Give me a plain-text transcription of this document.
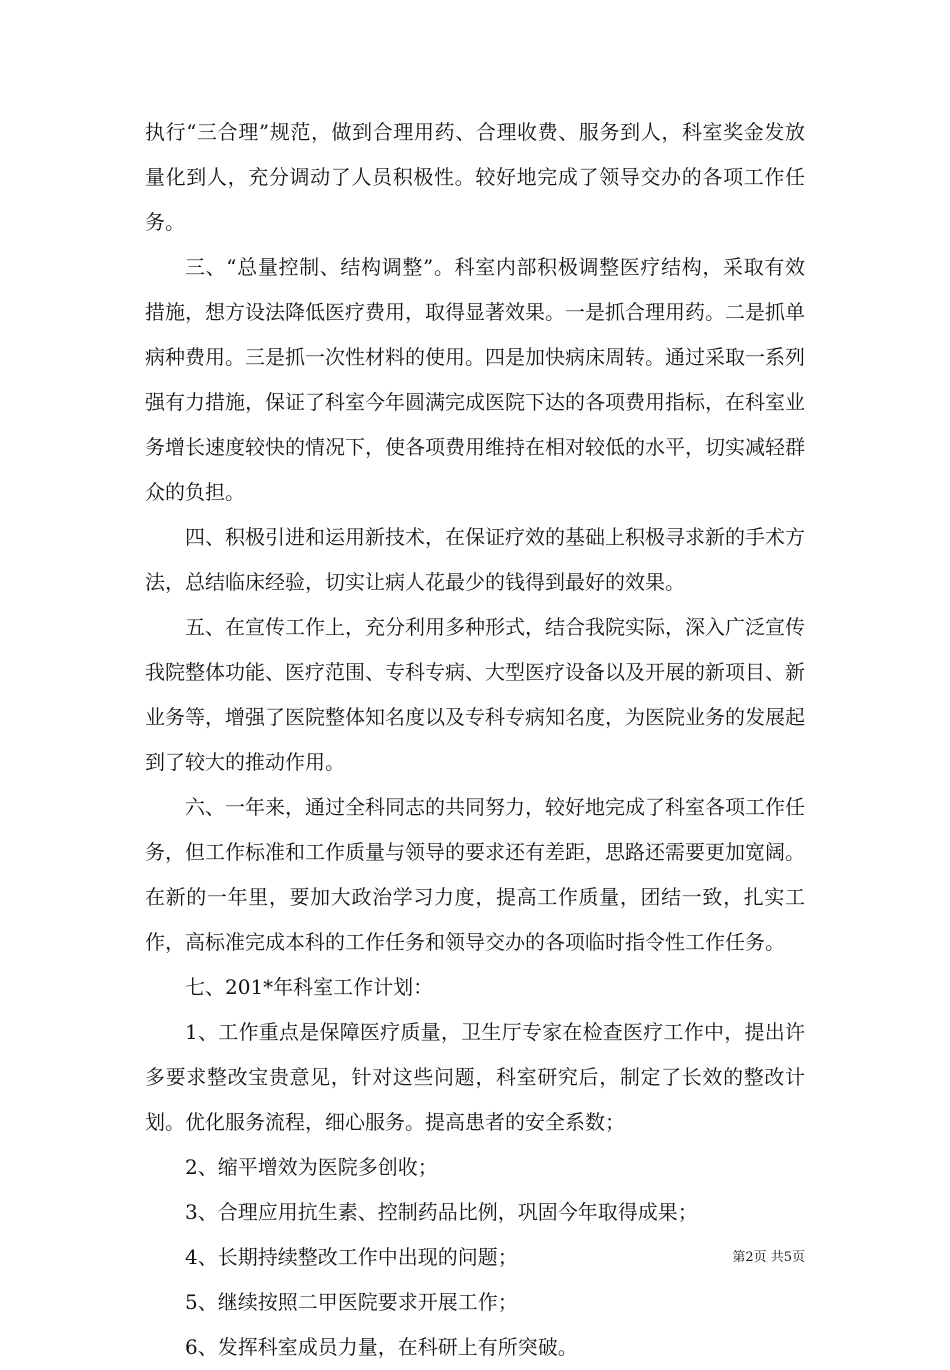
执行“三合理”规范，做到合理用药、合理收费、服务到人，科室奖金发放量化到人，充分调动了人员积极性。较好地完成了领导交办的各项工作任务。

三、“总量控制、结构调整”。科室内部积极调整医疗结构，采取有效措施，想方设法降低医疗费用，取得显著效果。一是抓合理用药。二是抓单病种费用。三是抓一次性材料的使用。四是加快病床周转。通过采取一系列强有力措施，保证了科室今年圆满完成医院下达的各项费用指标，在科室业务增长速度较快的情况下，使各项费用维持在相对较低的水平，切实减轻群众的负担。

四、积极引进和运用新技术，在保证疗效的基础上积极寻求新的手术方法，总结临床经验，切实让病人花最少的钱得到最好的效果。

五、在宣传工作上，充分利用多种形式，结合我院实际，深入广泛宣传我院整体功能、医疗范围、专科专病、大型医疗设备以及开展的新项目、新业务等，增强了医院整体知名度以及专科专病知名度，为医院业务的发展起到了较大的推动作用。

六、一年来，通过全科同志的共同努力，较好地完成了科室各项工作任务，但工作标准和工作质量与领导的要求还有差距，思路还需要更加宽阔。在新的一年里，要加大政治学习力度，提高工作质量，团结一致，扎实工作，高标准完成本科的工作任务和领导交办的各项临时指令性工作任务。

七、201*年科室工作计划：

1、工作重点是保障医疗质量，卫生厅专家在检查医疗工作中，提出许多要求整改宝贵意见，针对这些问题，科室研究后，制定了长效的整改计划。优化服务流程，细心服务。提高患者的安全系数；

2、缩平增效为医院多创收；

3、合理应用抗生素、控制药品比例，巩固今年取得成果；

4、长期持续整改工作中出现的问题；

5、继续按照二甲医院要求开展工作；

6、发挥科室成员力量，在科研上有所突破。

第2页 共5页
